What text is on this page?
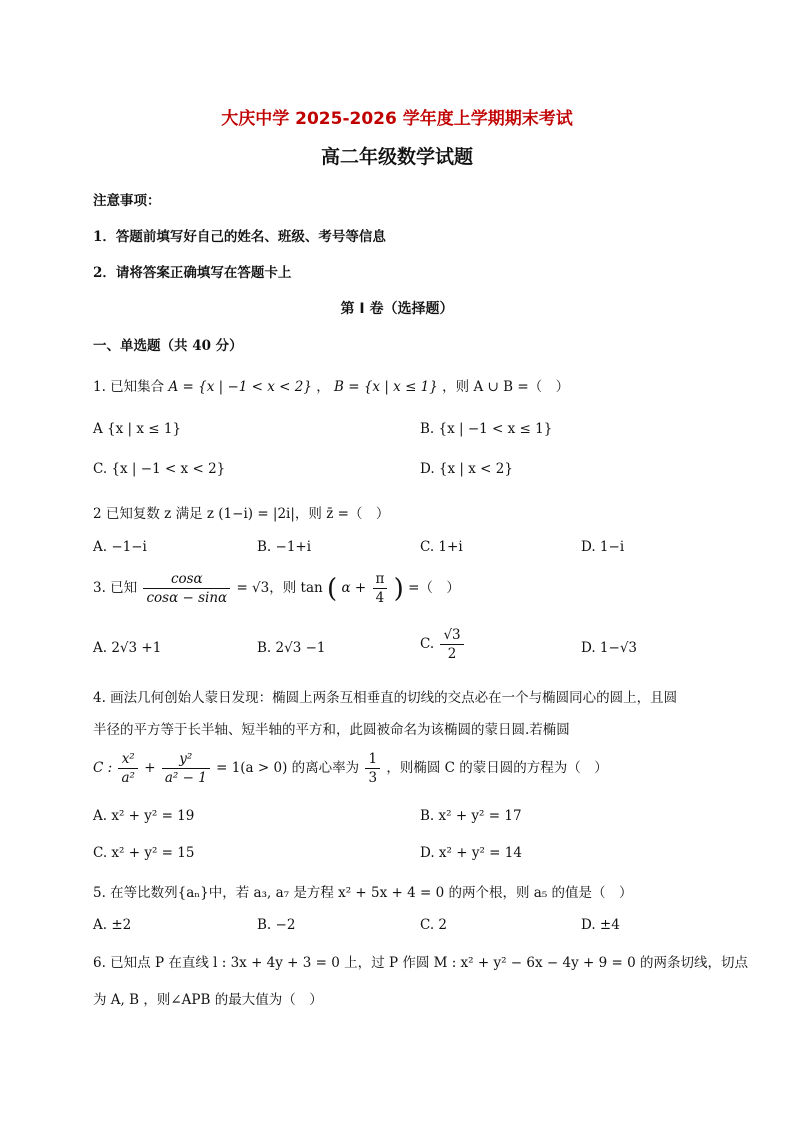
大庆中学 2025-2026 学年度上学期期末考试
高二年级数学试题
注意事项：
1．答题前填写好自己的姓名、班级、考号等信息
2．请将答案正确填写在答题卡上
第 I 卷（选择题）
一、单选题（共 40 分）
1. 已知集合 A = {x | −1 < x < 2} ， B = {x | x ≤ 1} ，则 A ∪ B =（　）
A {x | x ≤ 1}	B. {x | −1 < x ≤ 1}
C. {x | −1 < x < 2}	D. {x | x < 2}
2 已知复数 z 满足 z (1−i) = |2i|，则 z̄ =（　）
A. −1−i	B. −1+i	C. 1+i	D. 1−i
3. 已知 $\frac{\cos\alpha}{\cos\alpha - \sin\alpha} = √3$，则 tan ( $\alpha + \frac{\pi}{4}$ ) =（　）
A. 2√3 +1	B. 2√3 −1	C. $\frac{√3}{2}$	D. 1−√3
4. 画法几何创始人蒙日发现：椭圆上两条互相垂直的切线的交点必在一个与椭圆同心的圆上，且圆
半径的平方等于长半轴、短半轴的平方和，此圆被命名为该椭圆的蒙日圆.若椭圆
C : $\frac{\text{x²}}{\text{a²}} + \frac{\text{y²}}{\text{a² − 1}} = 1(a > 0)$ 的离心率为 $\frac{1}{3}$ ，则椭圆 C 的蒙日圆的方程为（　）
A. x² + y² = 19	B. x² + y² = 17
C. x² + y² = 15	D. x² + y² = 14
5. 在等比数列{aₙ}中，若 a₃, a₇ 是方程 x² + 5x + 4 = 0 的两个根，则 a₅ 的值是（　）
A. ±2	B. −2	C. 2	D. ±4
6. 已知点 P 在直线 l : 3x + 4y + 3 = 0 上，过 P 作圆 M : x² + y² − 6x − 4y + 9 = 0 的两条切线，切点
为 A, B ，则∠APB 的最大值为（　）
